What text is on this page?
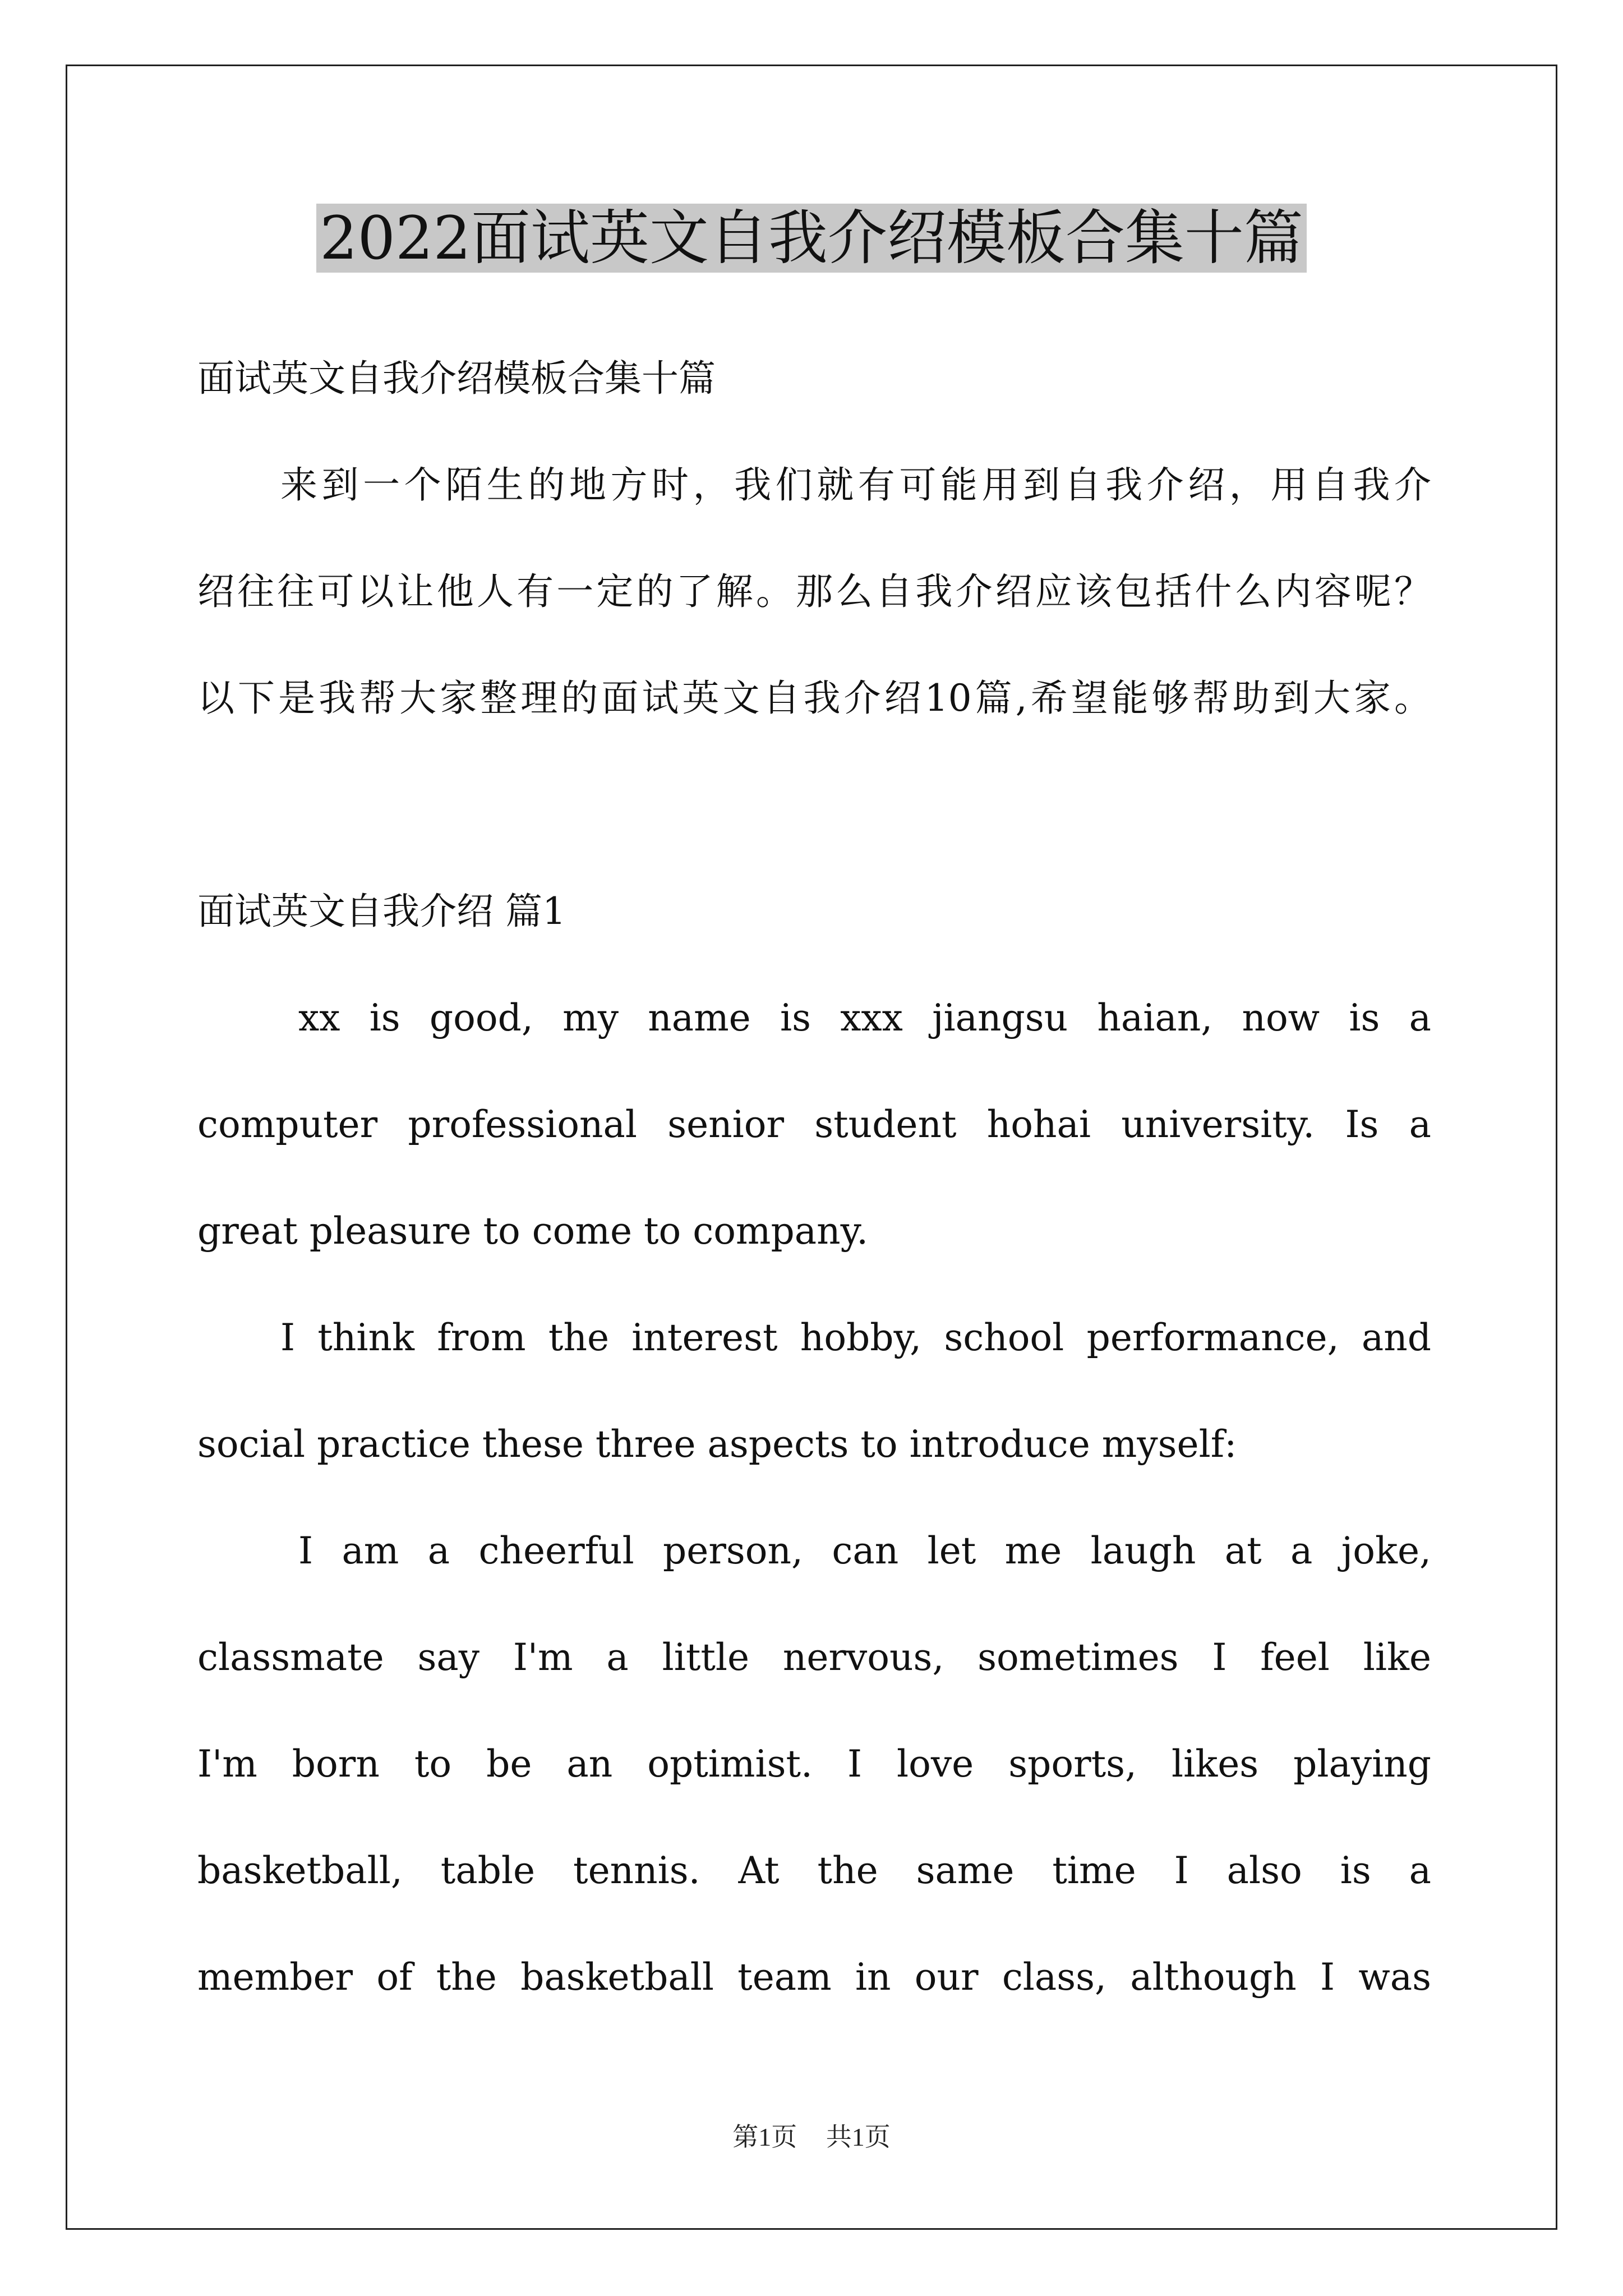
2022面试英文自我介绍模板合集十篇
面试英文自我介绍模板合集十篇
来到一个陌生的地方时，我们就有可能用到自我介绍，用自我介
绍往往可以让他人有一定的了解。那么自我介绍应该包括什么内容呢？
以下是我帮大家整理的面试英文自我介绍10篇,希望能够帮助到大家。
面试英文自我介绍 篇1
xx is good, my name is xxx jiangsu haian, now is a
computer professional senior student hohai university. Is a
great pleasure to come to company.
I think from the interest hobby, school performance, and
social practice these three aspects to introduce myself:
I am a cheerful person, can let me laugh at a joke,
classmate say I'm a little nervous, sometimes I feel like
I'm born to be an optimist. I love sports, likes playing
basketball, table tennis. At the same time I also is a
member of the basketball team in our class, although I was
第1页 共1页
